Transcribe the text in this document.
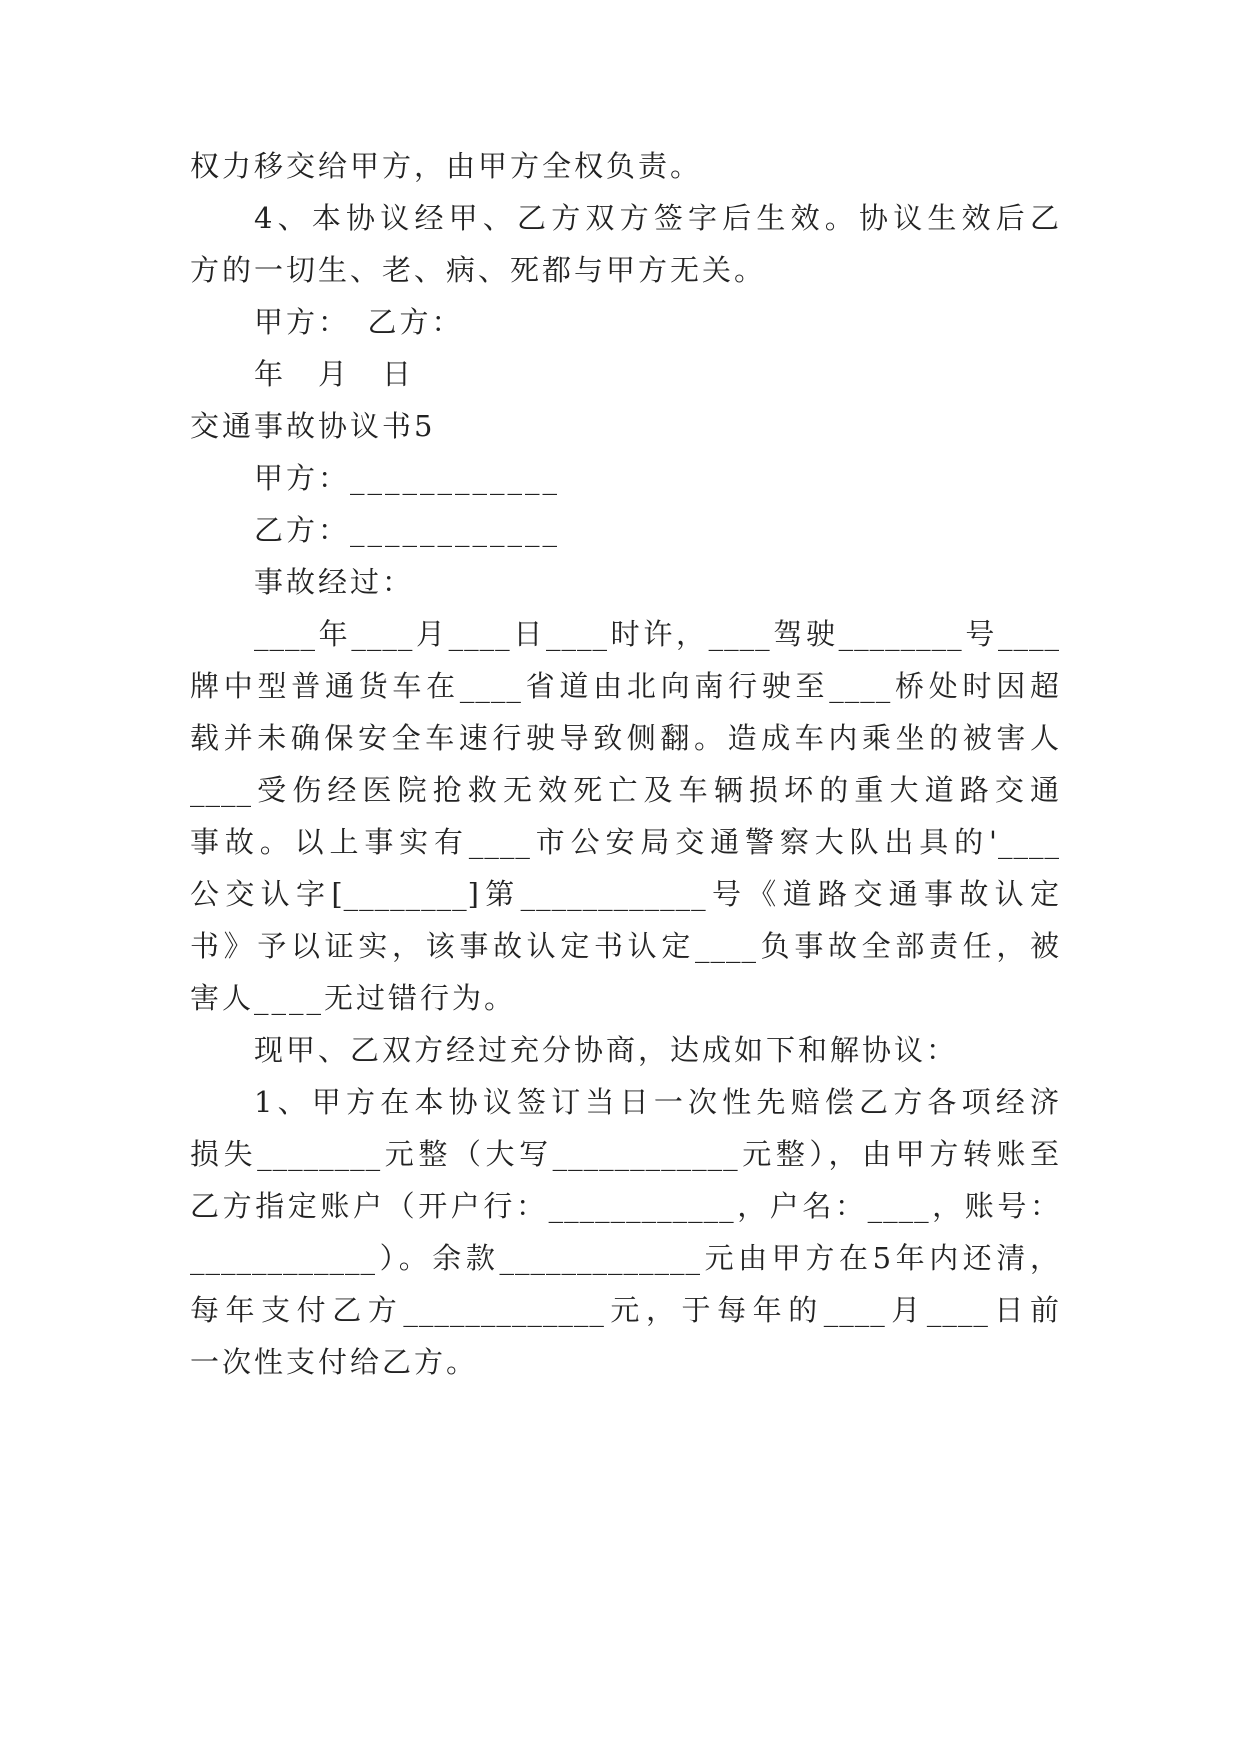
权力移交给甲方，由甲方全权负责。
4、本协议经甲、乙方双方签字后生效。协议生效后乙
方的一切生、老、病、死都与甲方无关。
甲方：　乙方：
年　月　日
交通事故协议书5
甲方：____________
乙方：____________
事故经过：
____年____月____日____时许，____驾驶________号____
牌中型普通货车在____省道由北向南行驶至____桥处时因超
载并未确保安全车速行驶导致侧翻。造成车内乘坐的被害人
____受伤经医院抢救无效死亡及车辆损坏的重大道路交通
事故。以上事实有____市公安局交通警察大队出具的'____
公交认字[________]第____________号《道路交通事故认定
书》予以证实，该事故认定书认定____负事故全部责任，被
害人____无过错行为。
现甲、乙双方经过充分协商，达成如下和解协议：
1、甲方在本协议签订当日一次性先赔偿乙方各项经济
损失________元整（大写____________元整），由甲方转账至
乙方指定账户（开户行：____________，户名：____，账号：
____________）。余款_____________元由甲方在5年内还清，
每年支付乙方_____________元，于每年的____月____日前
一次性支付给乙方。
